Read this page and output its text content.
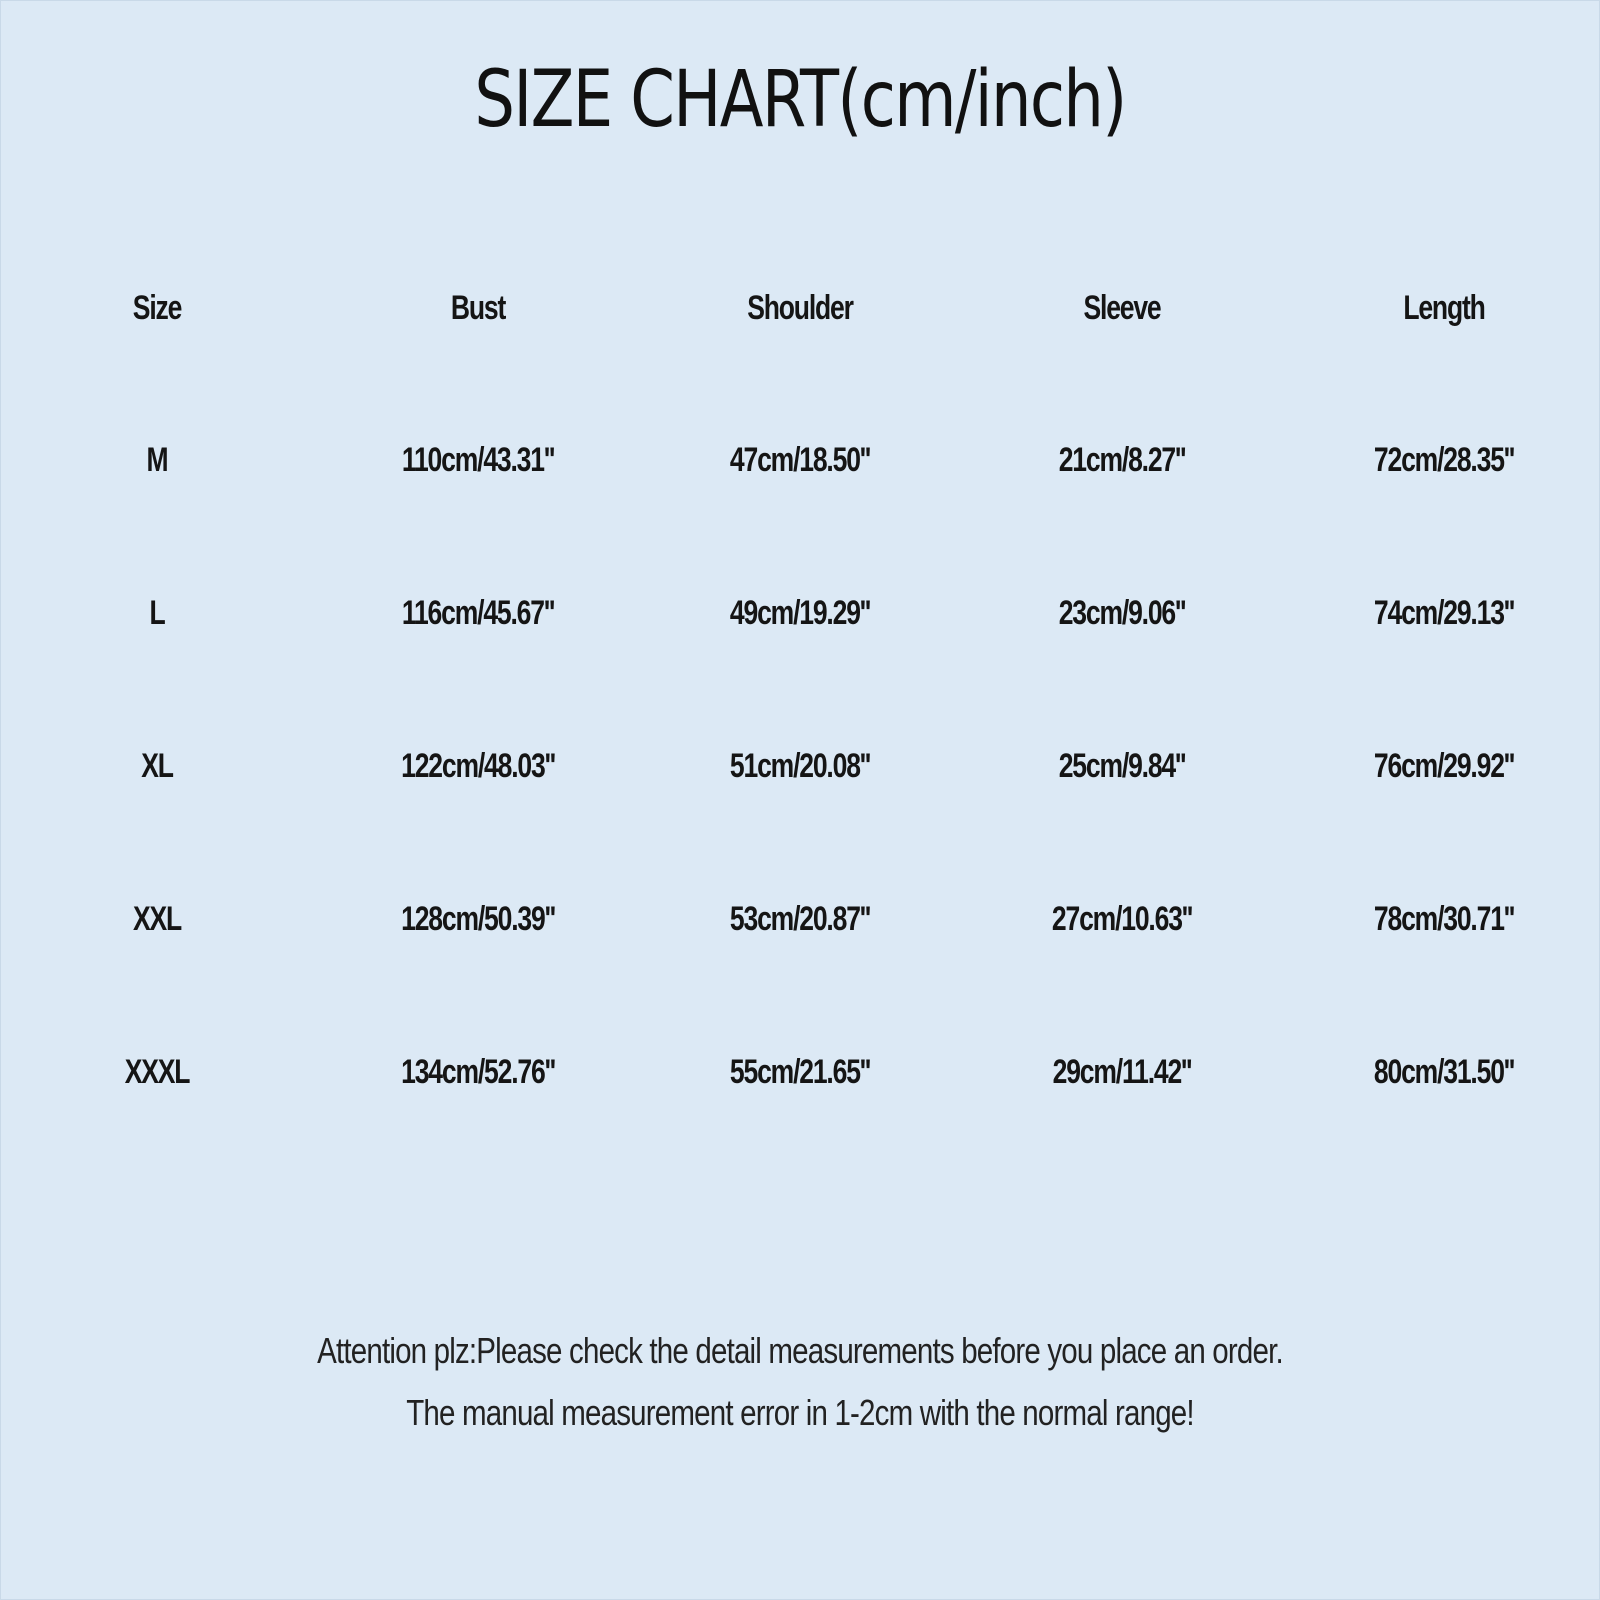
SIZE CHART(cm/inch)
Size	Bust	Shoulder	Sleeve	Length
M	110cm/43.31''	47cm/18.50''	21cm/8.27''	72cm/28.35''
L	116cm/45.67''	49cm/19.29''	23cm/9.06''	74cm/29.13''
XL	122cm/48.03''	51cm/20.08''	25cm/9.84''	76cm/29.92''
XXL	128cm/50.39''	53cm/20.87''	27cm/10.63''	78cm/30.71''
XXXL	134cm/52.76''	55cm/21.65''	29cm/11.42''	80cm/31.50''
Attention plz:Please check the detail measurements before you place an order.
The manual measurement error in 1-2cm with the normal range!
